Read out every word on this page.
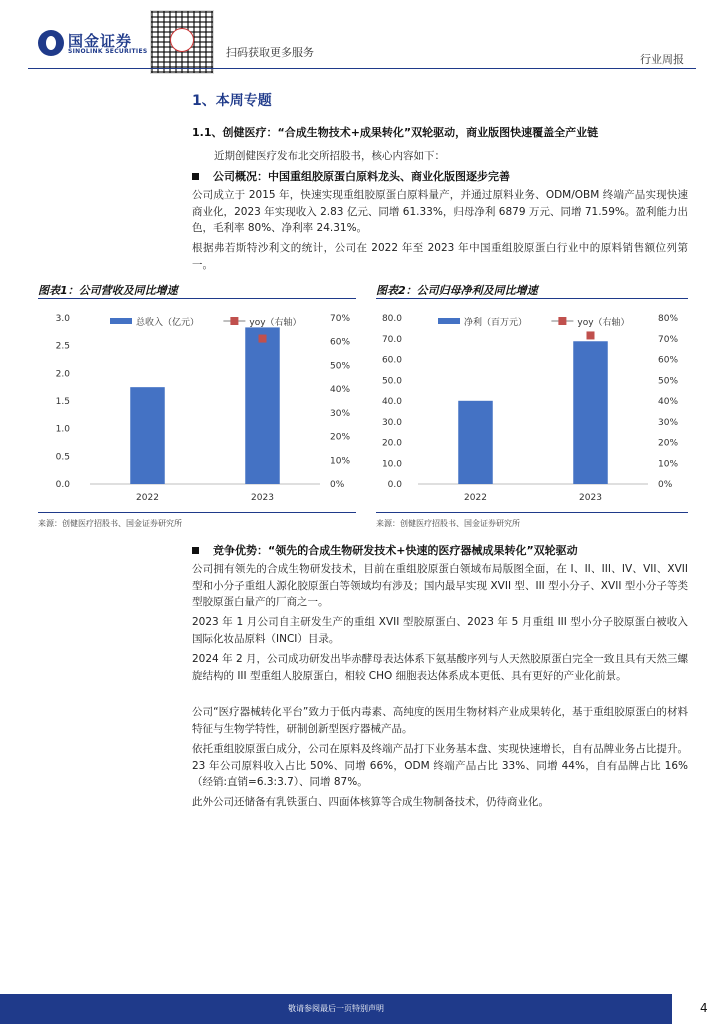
国金证券
SINOLINK SECURITIES	扫码获取更多服务
行业周报
1、本周专题
1.1、创健医疗：“合成生物技术+成果转化”双轮驱动，商业版图快速覆盖全产业链
近期创健医疗发布北交所招股书，核心内容如下：
公司概况：中国重组胶原蛋白原料龙头、商业化版图逐步完善

公司成立于 2015 年，快速实现重组胶原蛋白原料量产，并通过原料业务、ODM/OBM 终端产品实现快速商业化，2023 年实现收入 2.83 亿元、同增 61.33%，归母净利 6879 万元、同增 71.59%。盈利能力出色，毛利率 80%、净利率 24.31%。

根据弗若斯特沙利文的统计，公司在 2022 年至 2023 年中国重组胶原蛋白行业中的原料销售额位列第一。

图表1：公司营收及同比增速	图表2：公司归母净利及同比增速
0.0
0.5
1.0
1.5
2.0
2.5
3.0
0%
10%
20%
30%
40%
50%
60%
70%
2022	2023
总收入（亿元）	yoy（右轴）
0.0
10.0
20.0
30.0
40.0
50.0
60.0
70.0
80.0
0%
10%
20%
30%
40%
50%
60%
70%
80%
2022	2023
净利（百万元）	yoy（右轴）
来源：创健医疗招股书、国金证券研究所	来源：创健医疗招股书、国金证券研究所
竞争优势：“领先的合成生物研发技术+快速的医疗器械成果转化”双轮驱动

公司拥有领先的合成生物研发技术，目前在重组胶原蛋白领域布局版图全面，在 I、II、III、IV、VII、XVII 型和小分子重组人源化胶原蛋白等领域均有涉及；国内最早实现 XVII 型、III 型小分子、XVII 型小分子等类型胶原蛋白量产的厂商之一。

2023 年 1 月公司自主研发生产的重组 XVII 型胶原蛋白、2023 年 5 月重组 III 型小分子胶原蛋白被收入国际化妆品原料（INCI）目录。

2024 年 2 月，公司成功研发出毕赤酵母表达体系下氨基酸序列与人天然胶原蛋白完全一致且具有天然三螺旋结构的 III 型重组人胶原蛋白，相较 CHO 细胞表达体系成本更低、具有更好的产业化前景。

公司“医疗器械转化平台”致力于低内毒素、高纯度的医用生物材料产业成果转化，基于重组胶原蛋白的材料特征与生物学特性，研制创新型医疗器械产品。

依托重组胶原蛋白成分，公司在原料及终端产品打下业务基本盘、实现快速增长，自有品牌业务占比提升。23 年公司原料收入占比 50%、同增 66%，ODM 终端产品占比 33%、同增 44%，自有品牌占比 16%（经销:直销=6.3:3.7）、同增 87%。

此外公司还储备有乳铁蛋白、四面体核算等合成生物制备技术，仍待商业化。

敬请参阅最后一页特别声明	4
